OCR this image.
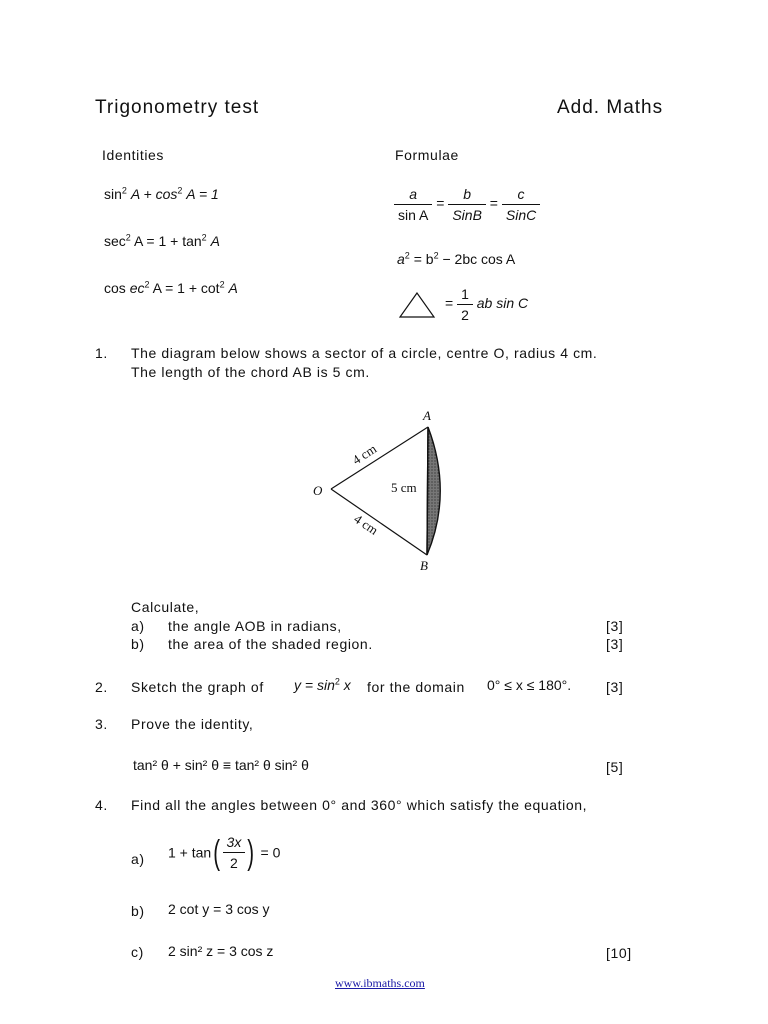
Trigonometry test	Add. Maths
Identities
$\sin^2 A + \cos^2 A = 1$
$\sec^2 A = 1 + \tan^2 A$
$\cos ec^2$ $A = 1 + \cot^2 A$
Formulae
$\frac{a}{\text{sin A}} = \frac{b}{\text{SinB}} = \frac{c}{\text{SinC}}$
$a^2 = b^2 - 2bc$ cos A
= $\frac{1}{2}$ ab sin C
1. The diagram below shows a sector of a circle, centre O, radius 4 cm.
The length of the chord AB is 5 cm.
A
B
O	5 cm
4 cm
4 cm
Calculate,
a) the angle AOB in radians,	[3]
b) the area of the shaded region.	[3]
2. Sketch the graph of $y = \sin^2 x$ for the domain 0° ≤ x ≤ 180°. [3]
3. Prove the identity,
tan² θ + sin² θ ≡ tan² θ sin² θ	[5]
4. Find all the angles between 0° and 360° which satisfy the equation,
a) $1 + \tan( \frac{3x}{2}$ ) = 0
b) 2 cot y = 3 cos y
c) 2 sin² z = 3 cos z	[10]
www.ibmaths.com
